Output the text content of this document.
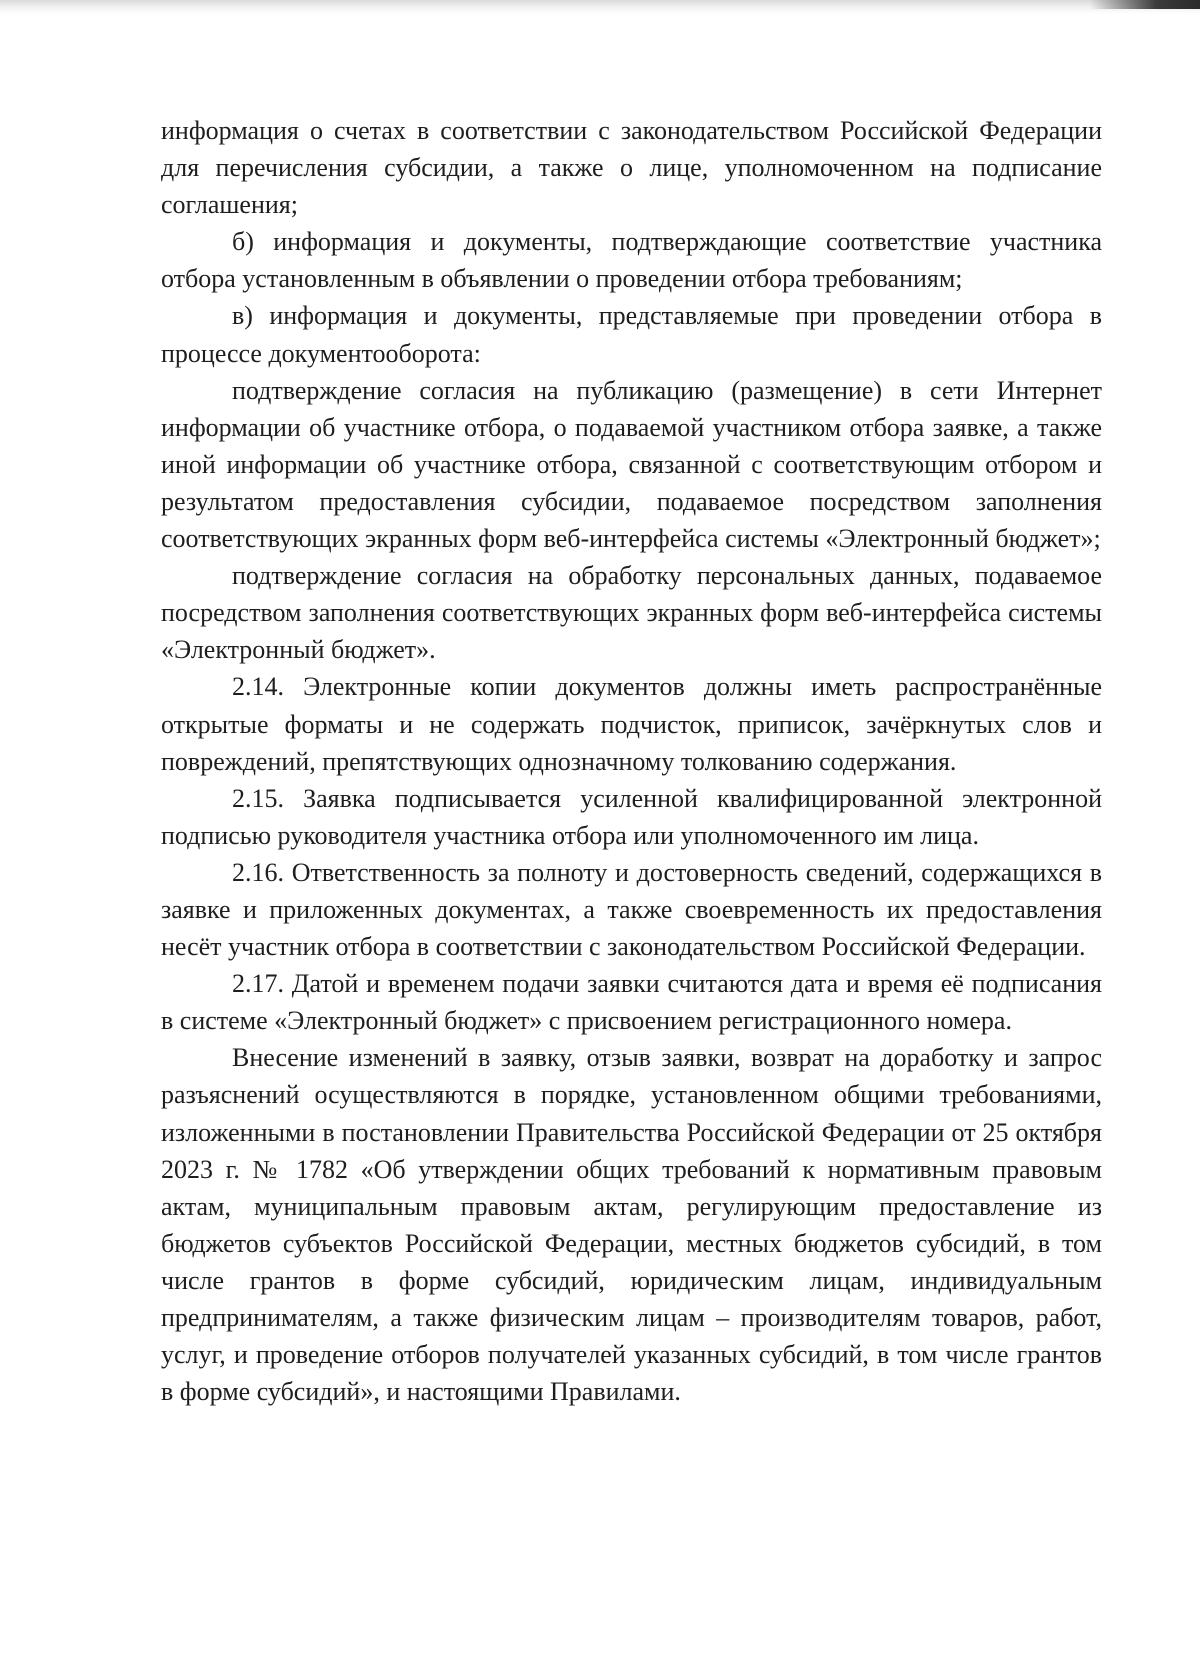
информация о счетах в соответствии с законодательством Российской Федерации для перечисления субсидии, а также о лице, уполномоченном на подписание соглашения;

б) информация и документы, подтверждающие соответствие участника отбора установленным в объявлении о проведении отбора требованиям;

в) информация и документы, представляемые при проведении отбора в процессе документооборота:

подтверждение согласия на публикацию (размещение) в сети Интернет информации об участнике отбора, о подаваемой участником отбора заявке, а также иной информации об участнике отбора, связанной с соответствующим отбором и результатом предоставления субсидии, подаваемое посредством заполнения соответствующих экранных форм веб-интерфейса системы «Электронный бюджет»;

подтверждение согласия на обработку персональных данных, подаваемое посредством заполнения соответствующих экранных форм веб-интерфейса системы «Электронный бюджет».

2.14. Электронные копии документов должны иметь распространённые открытые форматы и не содержать подчисток, приписок, зачёркнутых слов и повреждений, препятствующих однозначному толкованию содержания.

2.15. Заявка подписывается усиленной квалифицированной электронной подписью руководителя участника отбора или уполномоченного им лица.

2.16. Ответственность за полноту и достоверность сведений, содержащихся в заявке и приложенных документах, а также своевременность их предоставления несёт участник отбора в соответствии с законодательством Российской Федерации.

2.17. Датой и временем подачи заявки считаются дата и время её подписания в системе «Электронный бюджет» с присвоением регистрационного номера.

Внесение изменений в заявку, отзыв заявки, возврат на доработку и запрос разъяснений осуществляются в порядке, установленном общими требованиями, изложенными в постановлении Правительства Российской Федерации от 25 октября 2023 г. № 1782 «Об утверждении общих требований к нормативным правовым актам, муниципальным правовым актам, регулирующим предоставление из бюджетов субъектов Российской Федерации, местных бюджетов субсидий, в том числе грантов в форме субсидий, юридическим лицам, индивидуальным предпринимателям, а также физическим лицам – производителям товаров, работ, услуг, и проведение отборов получателей указанных субсидий, в том числе грантов в форме субсидий», и настоящими Правилами.
